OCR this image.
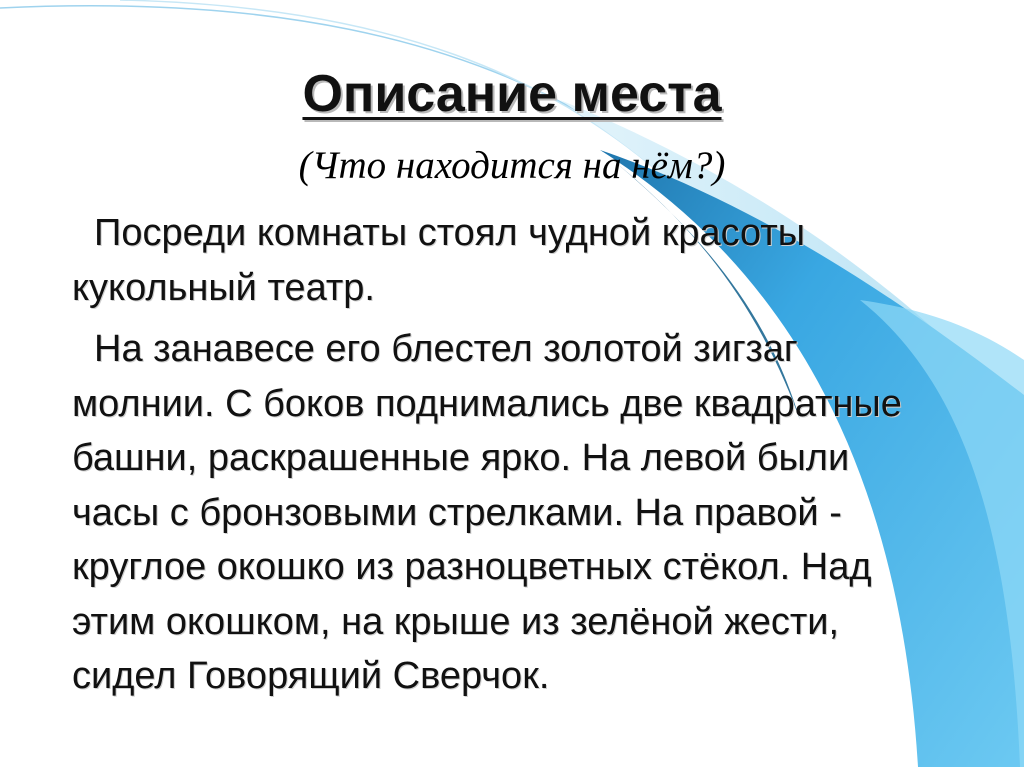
Описание места

(Что находится на нём?)

Посреди комнаты стоял чудной красоты
кукольный театр.
На занавесе его блестел золотой зигзаг
молнии. С боков поднимались две квадратные
башни, раскрашенные ярко. На левой были
часы с бронзовыми стрелками. На правой -
круглое окошко из разноцветных стёкол. Над
этим окошком, на крыше из зелёной жести,
сидел Говорящий Сверчок.
